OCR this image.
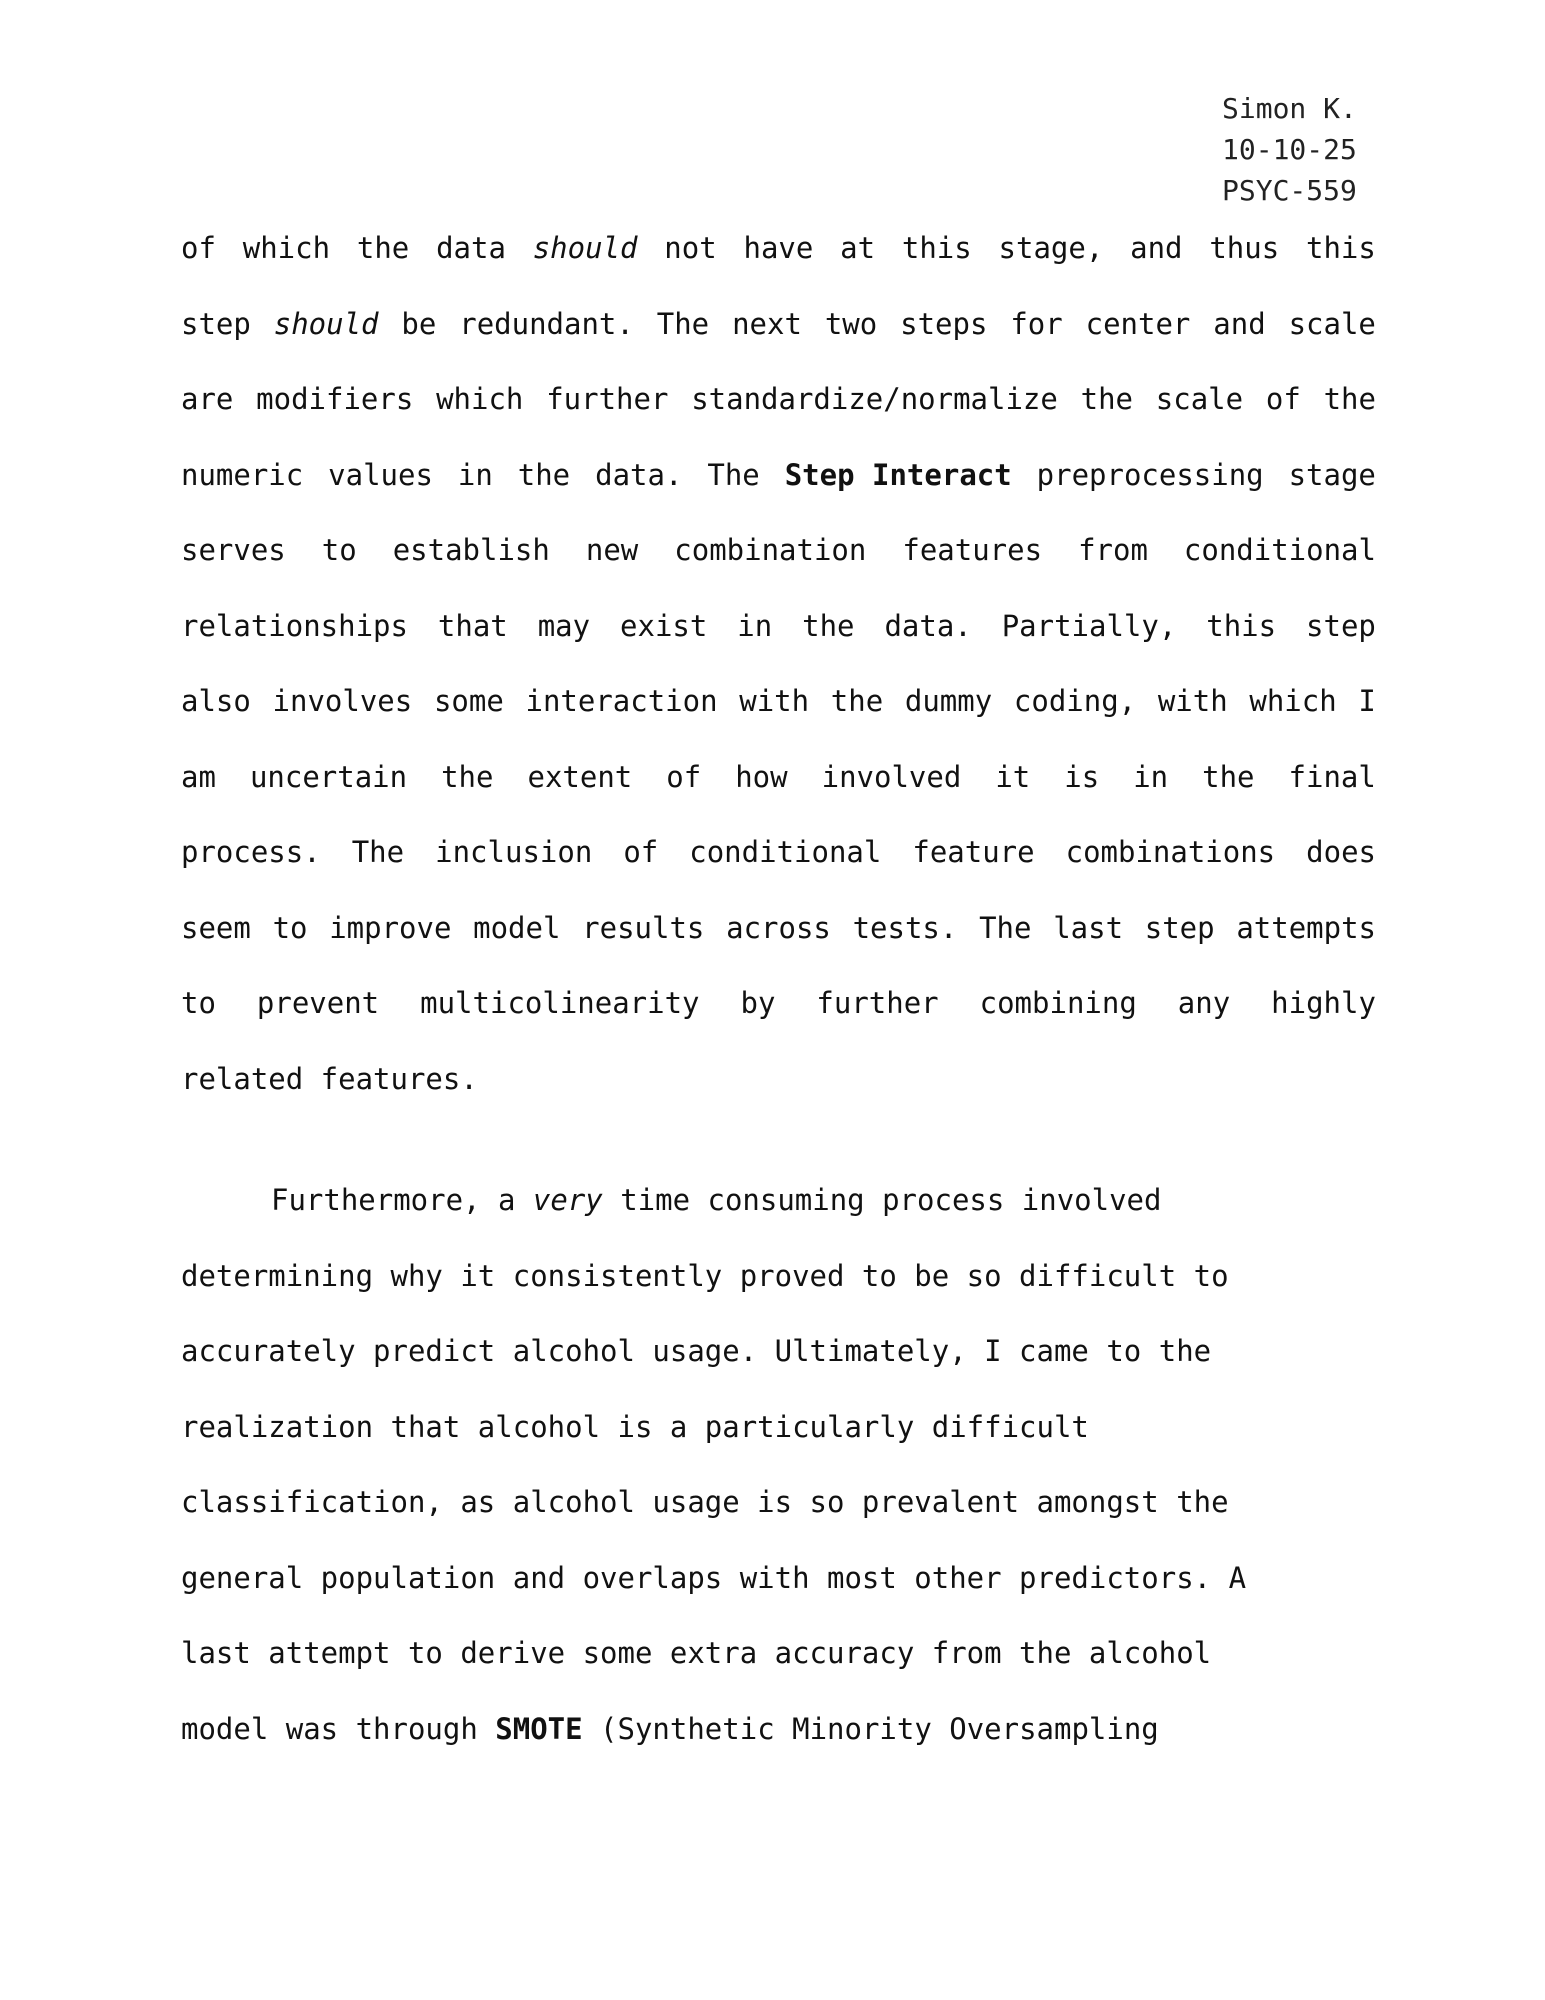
Simon K.
10-10-25
PSYC-559
of which the data should not have at this stage, and thus this
step should be redundant. The next two steps for center and scale
are modifiers which further standardize/normalize the scale of the
numeric values in the data. The Step Interact preprocessing stage
serves to establish new combination features from conditional
relationships that may exist in the data. Partially, this step
also involves some interaction with the dummy coding, with which I
am uncertain the extent of how involved it is in the final
process. The inclusion of conditional feature combinations does
seem to improve model results across tests. The last step attempts
to prevent multicolinearity by further combining any highly
related features.
Furthermore, a very time consuming process involved
determining why it consistently proved to be so difficult to
accurately predict alcohol usage. Ultimately, I came to the
realization that alcohol is a particularly difficult
classification, as alcohol usage is so prevalent amongst the
general population and overlaps with most other predictors. A
last attempt to derive some extra accuracy from the alcohol
model was through SMOTE (Synthetic Minority Oversampling
